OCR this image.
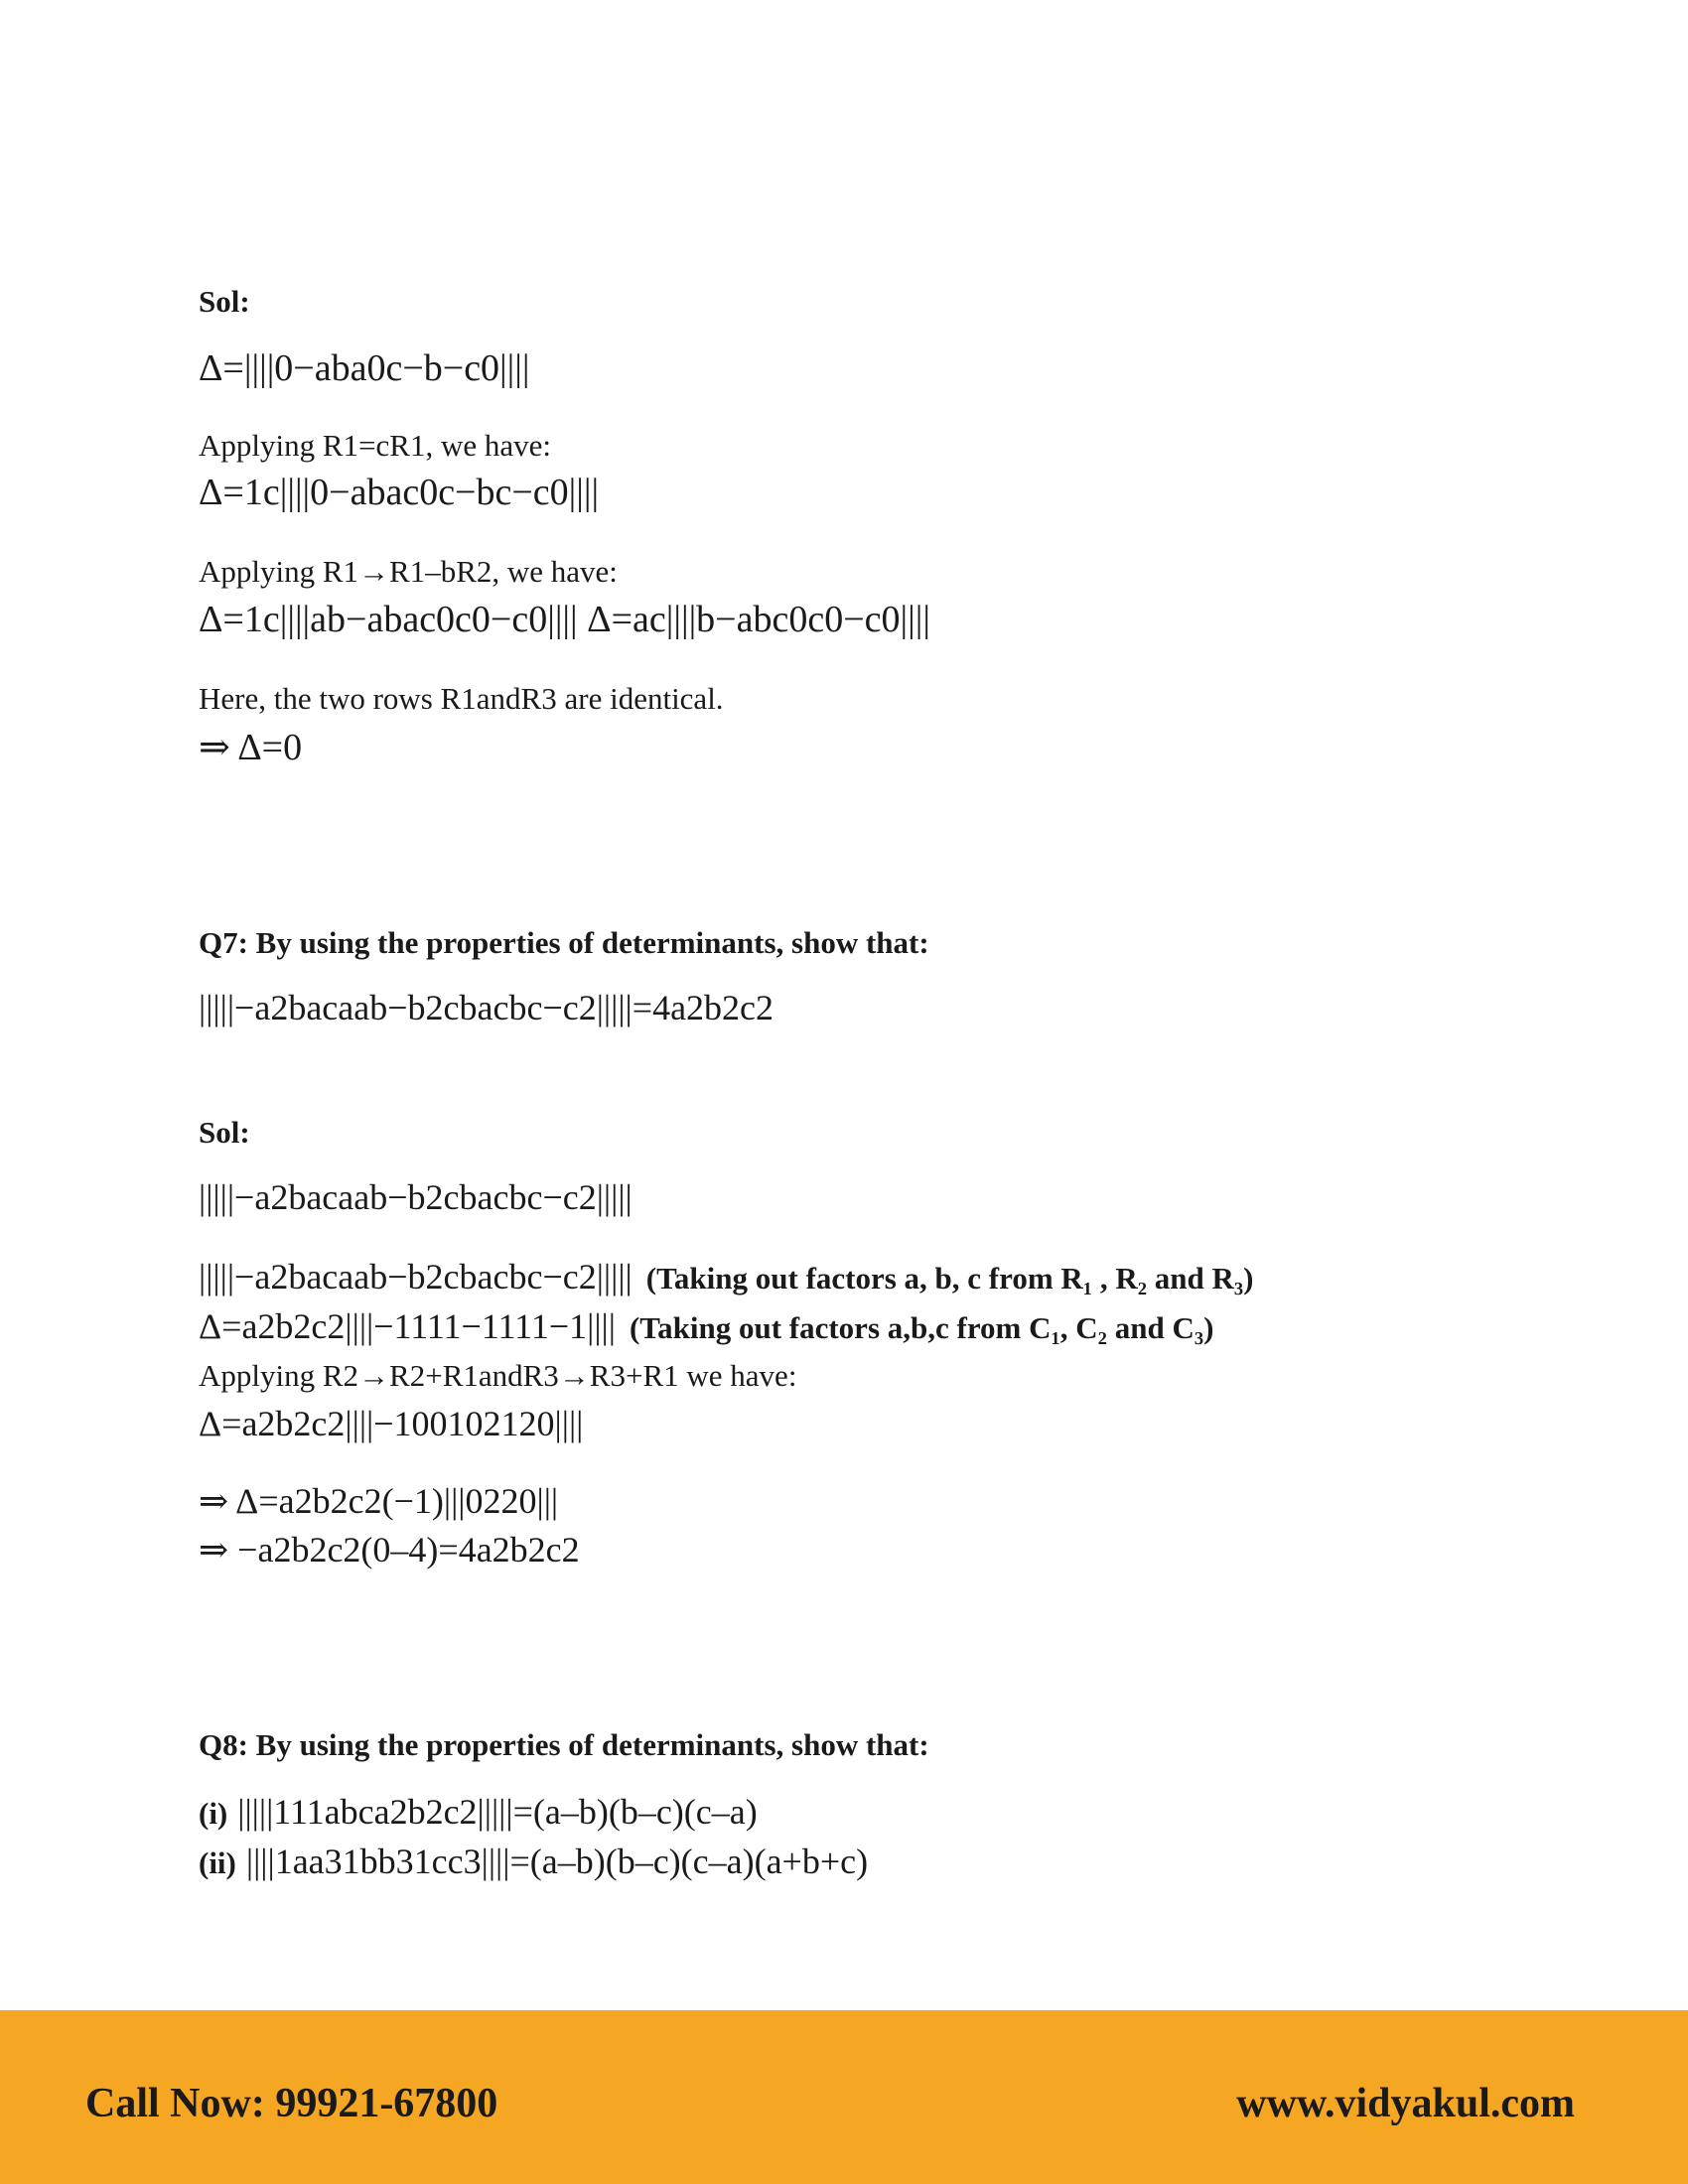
Sol:
Δ=||||0−aba0c−b−c0||||
Applying R1=cR1, we have:
Δ=1c||||0−abac0c−bc−c0||||
Applying R1→R1–bR2, we have:
Δ=1c||||ab−abac0c0−c0|||| Δ=ac||||b−abc0c0−c0||||
Here, the two rows R1andR3 are identical.
⇒ Δ=0
Q7: By using the properties of determinants, show that:
|||||−a2bacaab−b2cbacbc−c2|||||=4a2b2c2
Sol:
|||||−a2bacaab−b2cbacbc−c2|||||
|||||−a2bacaab−b2cbacbc−c2||||| (Taking out factors a, b, c from R₁ , R₂ and R₃)
Δ=a2b2c2||||−1111−1111−1|||| (Taking out factors a,b,c from C₁, C₂ and C₃)
Applying R2→R2+R1andR3→R3+R1 we have:
Δ=a2b2c2||||−100102120||||
⇒ Δ=a2b2c2(−1)|||0220|||
⇒ −a2b2c2(0–4)=4a2b2c2
Q8: By using the properties of determinants, show that:
(i) |||||111abca2b2c2|||||=(a–b)(b–c)(c–a)
(ii) ||||1aa31bb31cc3||||=(a–b)(b–c)(c–a)(a+b+c)
Call Now: 99921-67800	www.vidyakul.com
